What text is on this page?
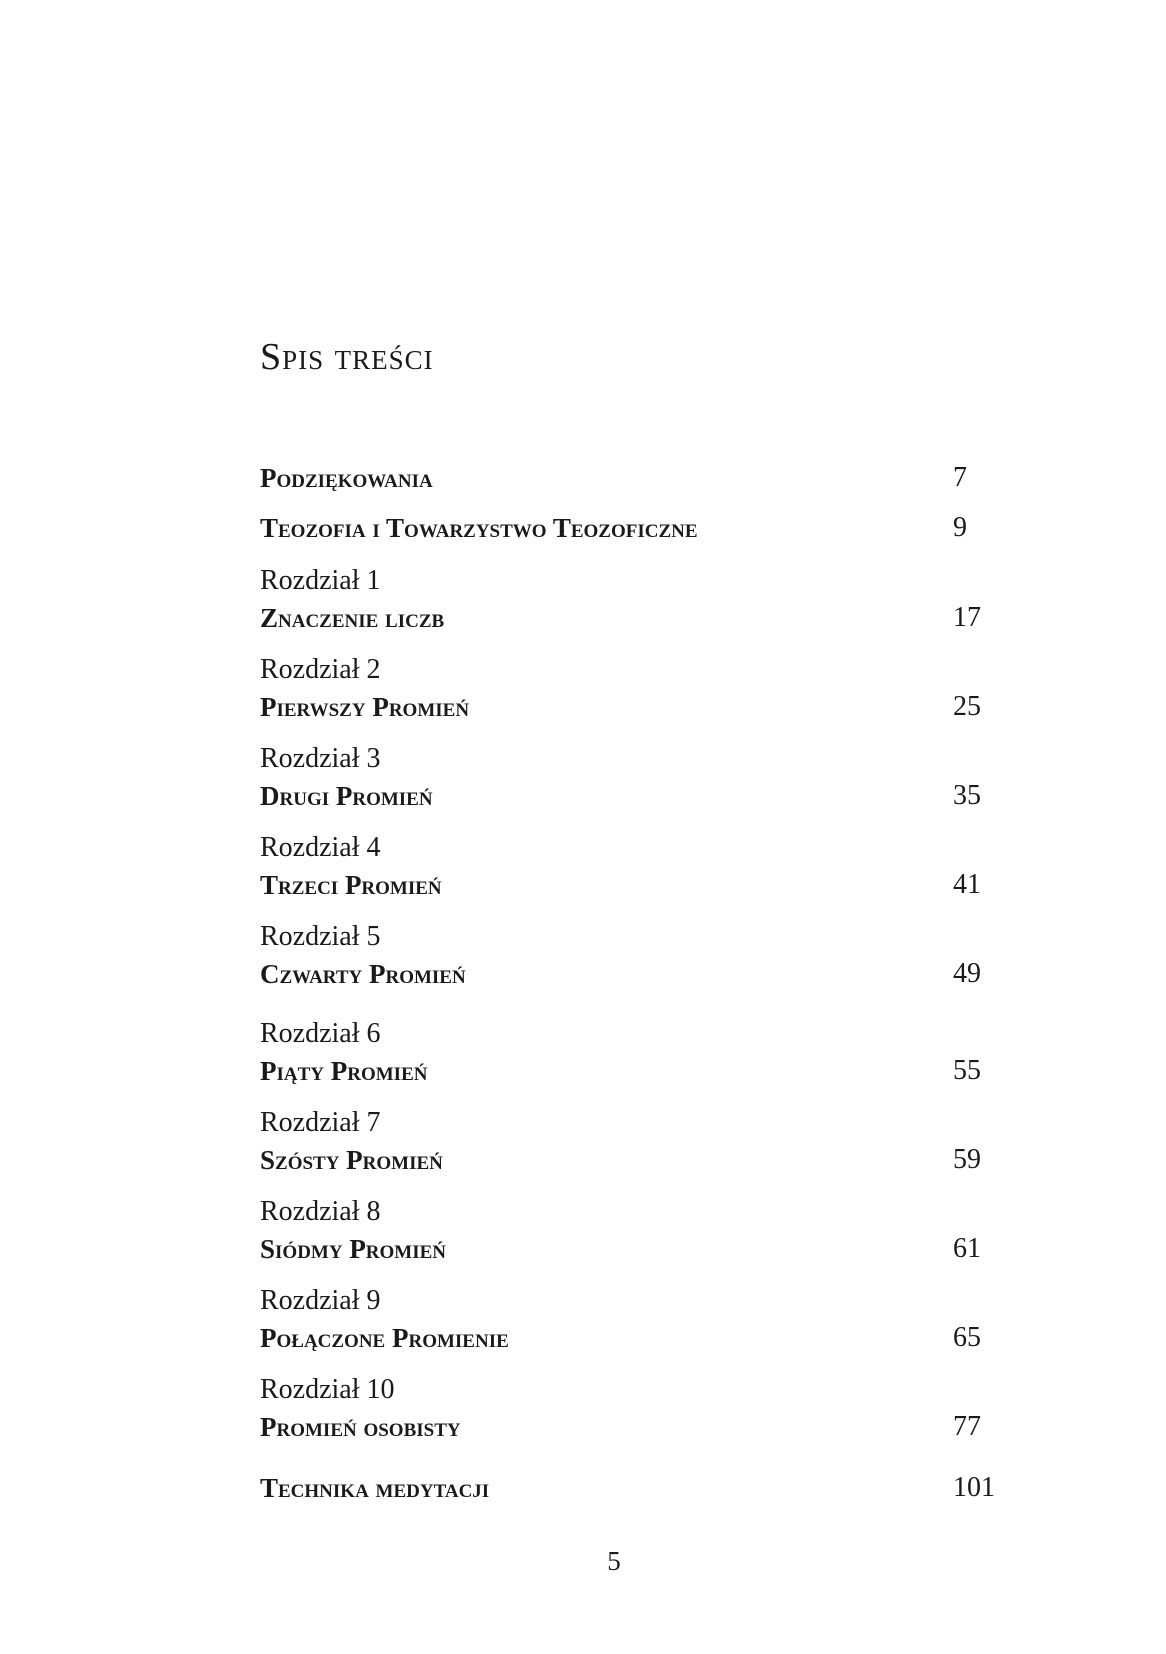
Spis treści
Podziękowania	7
Teozofia i Towarzystwo Teozoficzne	9
Rozdział 1
Znaczenie liczb	17
Rozdział 2
Pierwszy Promień	25
Rozdział 3
Drugi Promień	35
Rozdział 4
Trzeci Promień	41
Rozdział 5
Czwarty Promień	49
Rozdział 6
Piąty Promień	55
Rozdział 7
Szósty Promień	59
Rozdział 8
Siódmy Promień	61
Rozdział 9
Połączone Promienie	65
Rozdział 10
Promień osobisty	77
Technika medytacji	101
5
